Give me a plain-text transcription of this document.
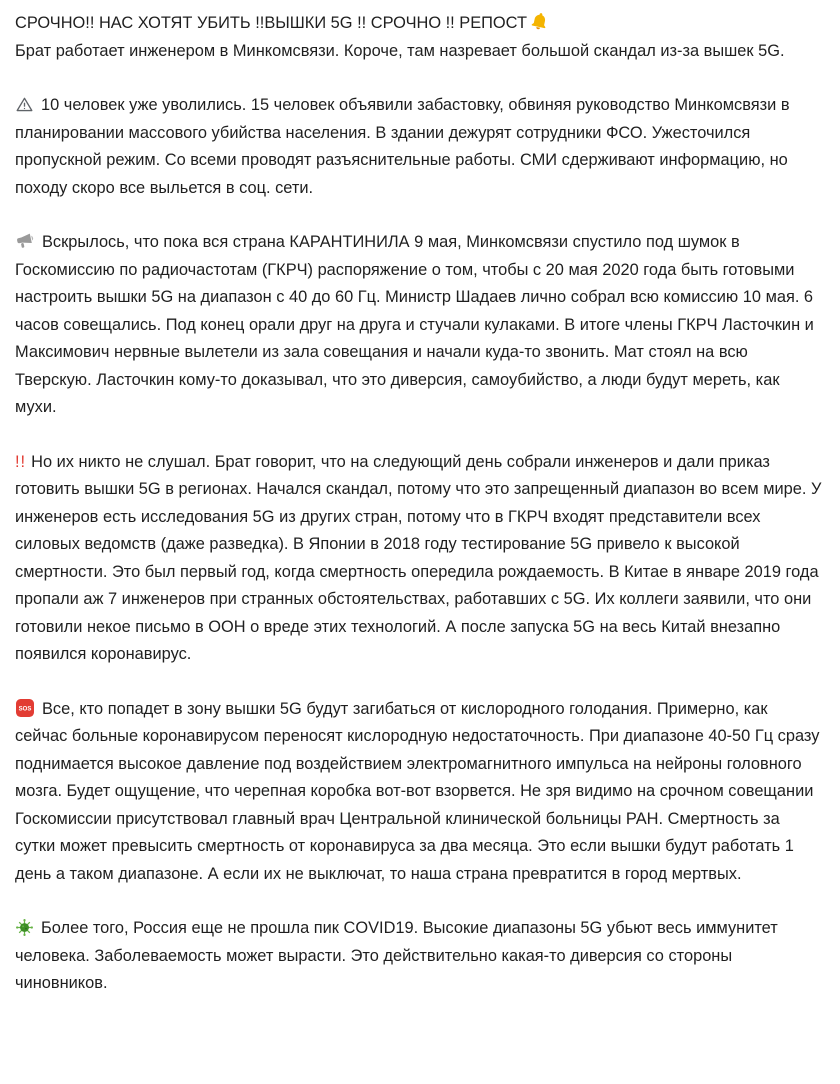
СРОЧНО!! НАС ХОТЯТ УБИТЬ !!ВЫШКИ 5G !! СРОЧНО !! РЕПОСТ

Брат работает инженером в Минкомсвязи. Короче, там назревает большой скандал из-за вышек 5G.

10 человек уже уволились. 15 человек объявили забастовку, обвиняя руководство Минкомсвязи в планировании массового убийства населения. В здании дежурят сотрудники ФСО. Ужесточился пропускной режим. Со всеми проводят разъяснительные работы. СМИ сдерживают информацию, но походу скоро все выльется в соц. сети.

Вскрылось, что пока вся страна КАРАНТИНИЛА 9 мая, Минкомсвязи спустило под шумок в Госкомиссию по радиочастотам (ГКРЧ) распоряжение о том, чтобы с 20 мая 2020 года быть готовыми настроить вышки 5G на диапазон с 40 до 60 Гц. Министр Шадаев лично собрал всю комиссию 10 мая. 6 часов совещались. Под конец орали друг на друга и стучали кулаками. В итоге члены ГКРЧ Ласточкин и Максимович нервные вылетели из зала совещания и начали куда-то звонить. Мат стоял на всю Тверскую. Ласточкин кому-то доказывал, что это диверсия, самоубийство, а люди будут мереть, как мухи.

!! Но их никто не слушал. Брат говорит, что на следующий день собрали инженеров и дали приказ готовить вышки 5G в регионах. Начался скандал, потому что это запрещенный диапазон во всем мире. У инженеров есть исследования 5G из других стран, потому что в ГКРЧ входят представители всех силовых ведомств (даже разведка). В Японии в 2018 году тестирование 5G привело к высокой смертности. Это был первый год, когда смертность опередила рождаемость. В Китае в январе 2019 года пропали аж 7 инженеров при странных обстоятельствах, работавших с 5G. Их коллеги заявили, что они готовили некое письмо в ООН о вреде этих технологий. А после запуска 5G на весь Китай внезапно появился коронавирус.

SOS Все, кто попадет в зону вышки 5G будут загибаться от кислородного голодания. Примерно, как сейчас больные коронавирусом переносят кислородную недостаточность. При диапазоне 40-50 Гц сразу поднимается высокое давление под воздействием электромагнитного импульса на нейроны головного мозга. Будет ощущение, что черепная коробка вот-вот взорвется. Не зря видимо на срочном совещании Госкомиссии присутствовал главный врач Центральной клинической больницы РАН. Смертность за сутки может превысить смертность от коронавируса за два месяца. Это если вышки будут работать 1 день а таком диапазоне. А если их не выключат, то наша страна превратится в город мертвых.

Более того, Россия еще не прошла пик COVID19. Высокие диапазоны 5G убьют весь иммунитет человека. Заболеваемость может вырасти. Это действительно какая-то диверсия со стороны чиновников.
